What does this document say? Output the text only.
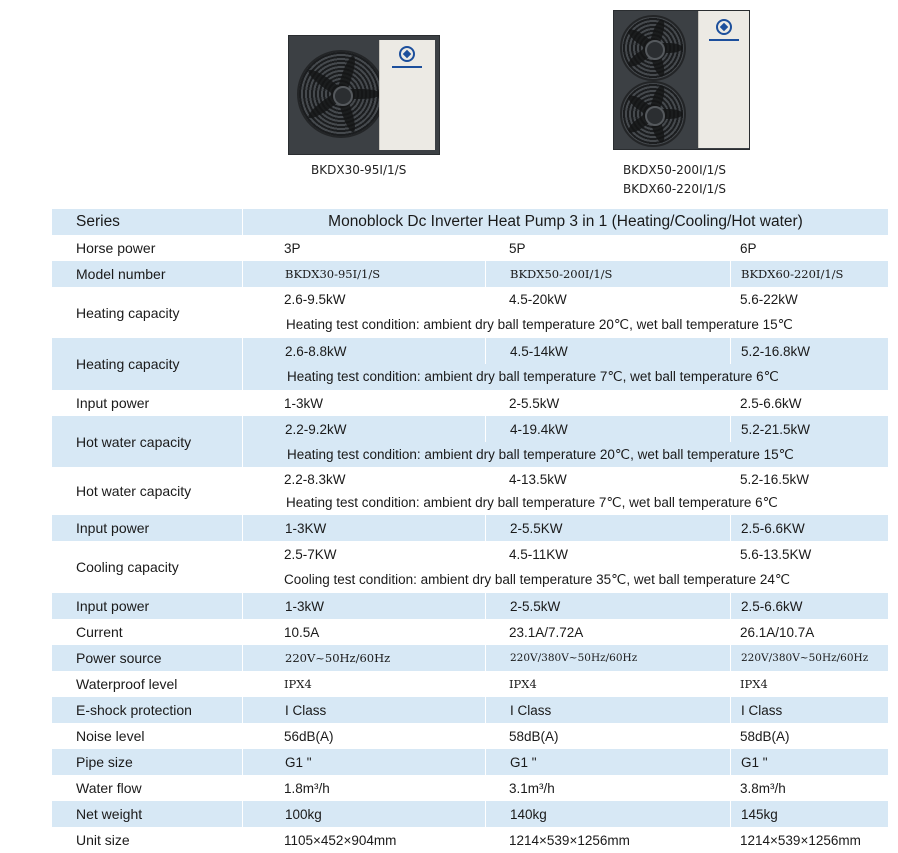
BKDX30-95I/1/S	BKDX50-200I/1/S
BKDX60-220I/1/S
Series	Monoblock Dc Inverter Heat Pump 3 in 1 (Heating/Cooling/Hot water)		
Horse power	3P	5P	6P
Model number	BKDX30-95I/1/S	BKDX50-200I/1/S	BKDX60-220I/1/S
Heating capacity	2.6-9.5kW	4.5-20kW	5.6-22kW
	Heating test condition: ambient dry ball temperature 20℃, wet ball temperature 15℃		
Heating capacity	2.6-8.8kW	4.5-14kW	5.2-16.8kW
	Heating test condition: ambient dry ball temperature 7℃, wet ball temperature 6℃		
Input power	1-3kW	2-5.5kW	2.5-6.6kW
Hot water capacity	2.2-9.2kW	4-19.4kW	5.2-21.5kW
	Heating test condition: ambient dry ball temperature 20℃, wet ball temperature 15℃		
Hot water capacity	2.2-8.3kW	4-13.5kW	5.2-16.5kW
	Heating test condition: ambient dry ball temperature 7℃, wet ball temperature 6℃		
Input power	1-3KW	2-5.5KW	2.5-6.6KW
Cooling capacity	2.5-7KW	4.5-11KW	5.6-13.5KW
	Cooling test condition: ambient dry ball temperature 35℃, wet ball temperature 24℃		
Input power	1-3kW	2-5.5kW	2.5-6.6kW
Current	10.5A	23.1A/7.72A	26.1A/10.7A
Power source	220V~50Hz/60Hz	220V/380V~50Hz/60Hz	220V/380V~50Hz/60Hz
Waterproof level	IPX4	IPX4	IPX4
E-shock protection	I Class	I Class	I Class
Noise level	56dB(A)	58dB(A)	58dB(A)
Pipe size	G1 "	G1 "	G1 "
Water flow	1.8m³/h	3.1m³/h	3.8m³/h
Net weight	100kg	140kg	145kg
Unit size	1105×452×904mm	1214×539×1256mm	1214×539×1256mm
